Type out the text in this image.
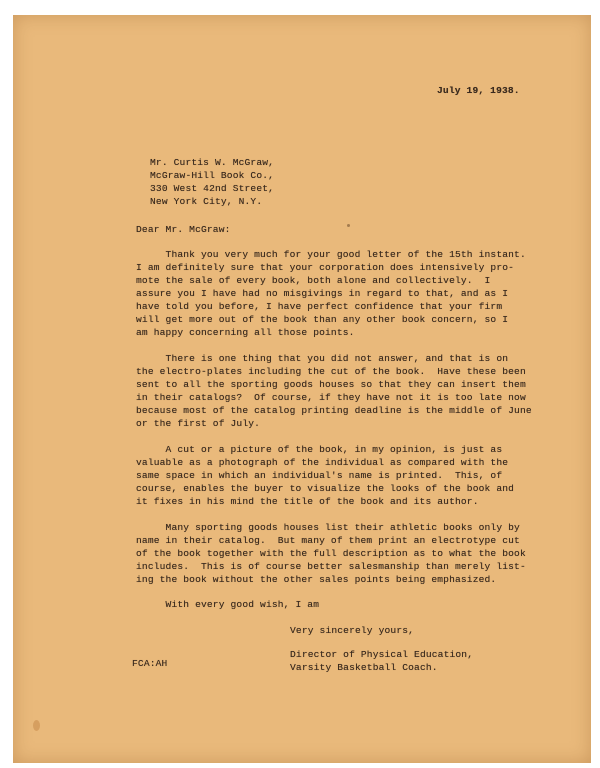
July 19, 1938.
Mr. Curtis W. McGraw,
McGraw-Hill Book Co.,
330 West 42nd Street,
New York City, N.Y.
Dear Mr. McGraw:
Thank you very much for your good letter of the 15th instant.
I am definitely sure that your corporation does intensively pro-
mote the sale of every book, both alone and collectively.  I
assure you I have had no misgivings in regard to that, and as I
have told you before, I have perfect confidence that your firm
will get more out of the book than any other book concern, so I
am happy concerning all those points.
There is one thing that you did not answer, and that is on
the electro-plates including the cut of the book.  Have these been
sent to all the sporting goods houses so that they can insert them
in their catalogs?  Of course, if they have not it is too late now
because most of the catalog printing deadline is the middle of June
or the first of July.
A cut or a picture of the book, in my opinion, is just as
valuable as a photograph of the individual as compared with the
same space in which an individual's name is printed.  This, of
course, enables the buyer to visualize the looks of the book and
it fixes in his mind the title of the book and its author.
Many sporting goods houses list their athletic books only by
name in their catalog.  But many of them print an electrotype cut
of the book together with the full description as to what the book
includes.  This is of course better salesmanship than merely list-
ing the book without the other sales points being emphasized.
With every good wish, I am
Very sincerely yours,
Director of Physical Education,
Varsity Basketball Coach.
FCA:AH
